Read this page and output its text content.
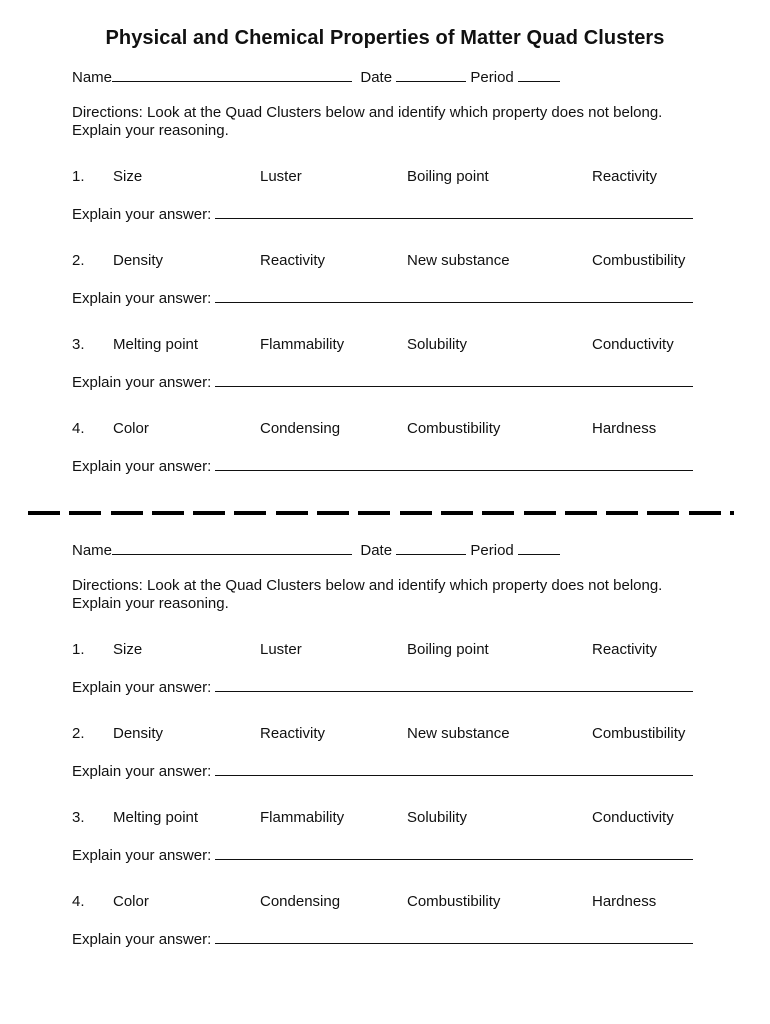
Physical and Chemical Properties of Matter Quad Clusters
Name	Date	Period
Directions: Look at the Quad Clusters below and identify which property does not belong. Explain your reasoning.
1. Size	Luster	Boiling point	Reactivity
Explain your answer:
2. Density	Reactivity	New substance	Combustibility
Explain your answer:
3. Melting point	Flammability	Solubility	Conductivity
Explain your answer:
4. Color	Condensing	Combustibility	Hardness
Explain your answer:
Name	Date	Period
Directions: Look at the Quad Clusters below and identify which property does not belong. Explain your reasoning.
1. Size	Luster	Boiling point	Reactivity
Explain your answer:
2. Density	Reactivity	New substance	Combustibility
Explain your answer:
3. Melting point	Flammability	Solubility	Conductivity
Explain your answer:
4. Color	Condensing	Combustibility	Hardness
Explain your answer:
